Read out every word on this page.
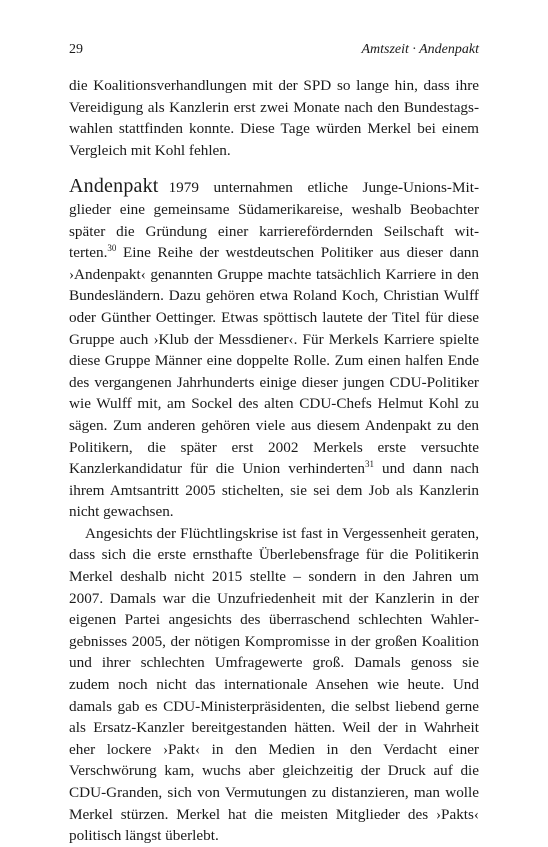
29	Amtszeit · Andenpakt

die Koalitionsverhandlungen mit der SPD so lange hin, dass ihre Vereidigung als Kanzlerin erst zwei Monate nach den Bundestagswahlen stattfinden konnte. Diese Tage würden Merkel bei einem Vergleich mit Kohl fehlen.

Andenpakt 1979 unternahmen etliche Junge-Unions-Mitglieder eine gemeinsame Südamerikareise, weshalb Beobachter später die Gründung einer karrierefördernden Seilschaft witterten.$^{30}$ Eine Reihe der westdeutschen Politiker aus dieser dann ›Andenpakt‹ genannten Gruppe machte tatsächlich Karriere in den Bundesländern. Dazu gehören etwa Roland Koch, Christian Wulff oder Günther Oettinger. Etwas spöttisch lautete der Titel für diese Gruppe auch ›Klub der Messdiener‹. Für Merkels Karriere spielte diese Gruppe Männer eine doppelte Rolle. Zum einen halfen Ende des vergangenen Jahrhunderts einige dieser jungen CDU-Politiker wie Wulff mit, am Sockel des alten CDU-Chefs Helmut Kohl zu sägen. Zum anderen gehören viele aus diesem Andenpakt zu den Politikern, die später erst 2002 Merkels erste versuchte Kanzlerkandidatur für die Union verhinderten$^{31}$ und dann nach ihrem Amtsantritt 2005 stichelten, sie sei dem Job als Kanzlerin nicht gewachsen.

Angesichts der Flüchtlingskrise ist fast in Vergessenheit geraten, dass sich die erste ernsthafte Überlebensfrage für die Politikerin Merkel deshalb nicht 2015 stellte – sondern in den Jahren um 2007. Damals war die Unzufriedenheit mit der Kanzlerin in der eigenen Partei angesichts des überraschend schlechten Wahlergebnisses 2005, der nötigen Kompromisse in der großen Koalition und ihrer schlechten Umfragewerte groß. Damals genoss sie zudem noch nicht das internationale Ansehen wie heute. Und damals gab es CDU-Ministerpräsidenten, die selbst liebend gerne als Ersatz-Kanzler bereitgestanden hätten. Weil der in Wahrheit eher lockere ›Pakt‹ in den Medien in den Verdacht einer Verschwörung kam, wuchs aber gleichzeitig der Druck auf die CDU-Granden, sich von Vermutungen zu distanzieren, man wolle Merkel stürzen. Merkel hat die meisten Mitglieder des ›Pakts‹ politisch längst überlebt.
